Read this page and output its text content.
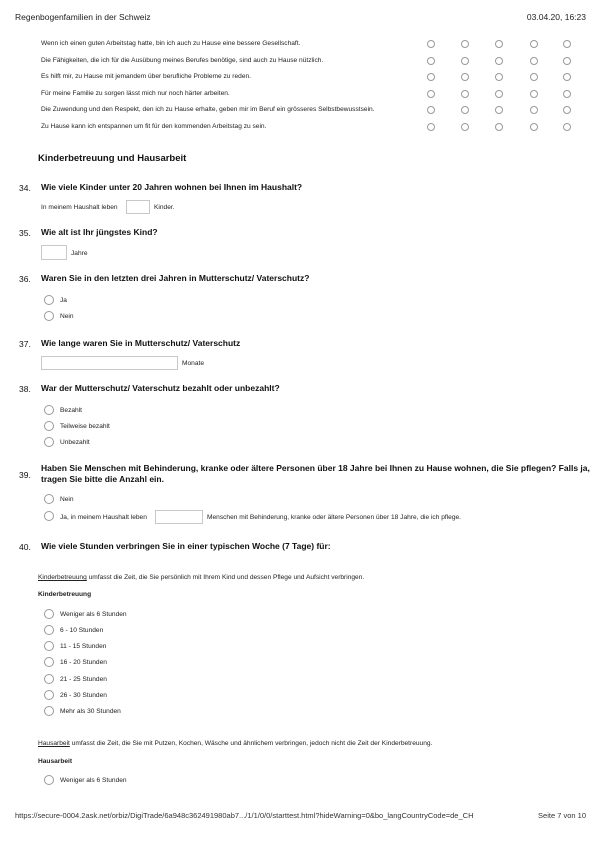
Regenbogenfamilien in der Schweiz	03.04.20, 16:23
Wenn ich einen guten Arbeitstag hatte, bin ich auch zu Hause eine bessere Gesellschaft.
Die Fähigkeiten, die ich für die Ausübung meines Berufes benötige, sind auch zu Hause nützlich.
Es hilft mir, zu Hause mit jemandem über berufliche Probleme zu reden.
Für meine Familie zu sorgen lässt mich nur noch härter arbeiten.
Die Zuwendung und den Respekt, den ich zu Hause erhalte, geben mir im Beruf ein grösseres Selbstbewusstsein.
Zu Hause kann ich entspannen um fit für den kommenden Arbeitstag zu sein.
Kinderbetreuung und Hausarbeit
34. Wie viele Kinder unter 20 Jahren wohnen bei Ihnen im Haushalt?
In meinem Haushalt leben	Kinder.
35. Wie alt ist Ihr jüngstes Kind?
Jahre
36. Waren Sie in den letzten drei Jahren in Mutterschutz/ Vaterschutz?
Ja
Nein
37. Wie lange waren Sie in Mutterschutz/ Vaterschutz
Monate
38. War der Mutterschutz/ Vaterschutz bezahlt oder unbezahlt?
Bezahlt
Teilweise bezahlt
Unbezahlt
39.
Haben Sie Menschen mit Behinderung, kranke oder ältere Personen über 18 Jahre bei Ihnen zu Hause wohnen, die Sie pflegen? Falls ja,
tragen Sie bitte die Anzahl ein.
Nein
Ja, in meinem Haushalt leben	Menschen mit Behinderung, kranke oder ältere Personen über 18 Jahre, die ich pflege.
40. Wie viele Stunden verbringen Sie in einer typischen Woche (7 Tage) für:
Kinderbetreuung umfasst die Zeit, die Sie persönlich mit Ihrem Kind und dessen Pflege und Aufsicht verbringen.
Kinderbetreuung
Weniger als 6 Stunden
6 - 10 Stunden
11 - 15 Stunden
16 - 20 Stunden
21 - 25 Stunden
26 - 30 Stunden
Mehr als 30 Stunden
Hausarbeit umfasst die Zeit, die Sie mit Putzen, Kochen, Wäsche und ähnlichem verbringen, jedoch nicht die Zeit der Kinderbetreuung.
Hausarbeit
Weniger als 6 Stunden
https://secure-0004.2ask.net/orbiz/DigiTrade/6a948c362491980ab7.../1/1/0/0/starttest.html?hideWarning=0&bo_langCountryCode=de_CH	Seite 7 von 10
